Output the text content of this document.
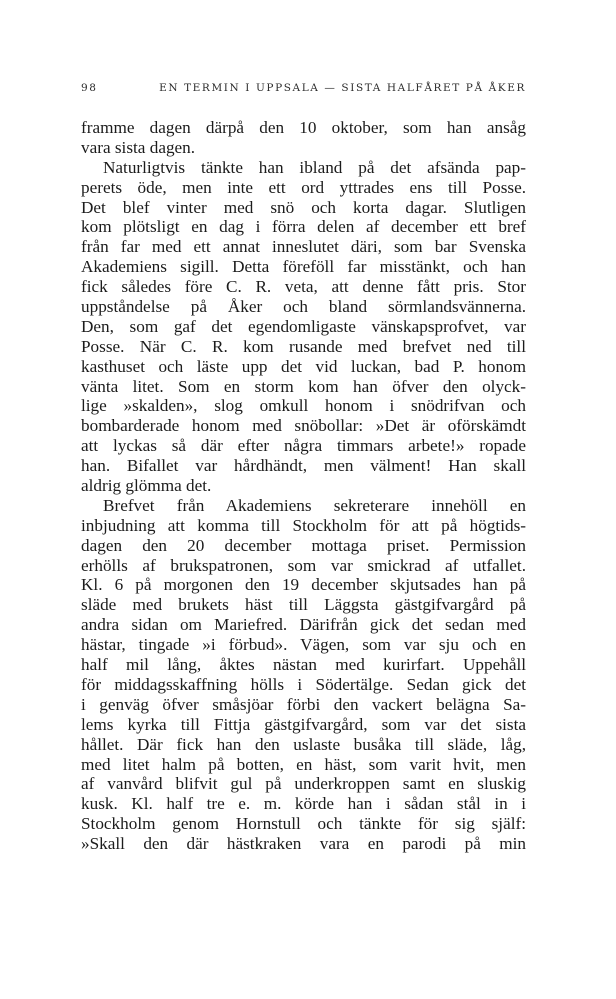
98	EN TERMIN I UPPSALA — SISTA HALFÅRET PÅ ÅKER
framme dagen därpå den 10 oktober, som han ansåg
vara sista dagen.
Naturligtvis tänkte han ibland på det afsända pap-
perets öde, men inte ett ord yttrades ens till Posse.
Det blef vinter med snö och korta dagar. Slutligen
kom plötsligt en dag i förra delen af december ett bref
från far med ett annat inneslutet däri, som bar Svenska
Akademiens sigill. Detta föreföll far misstänkt, och han
fick således före C. R. veta, att denne fått pris. Stor
uppståndelse på Åker och bland sörmlandsvännerna.
Den, som gaf det egendomligaste vänskapsprofvet, var
Posse. När C. R. kom rusande med brefvet ned till
kasthuset och läste upp det vid luckan, bad P. honom
vänta litet. Som en storm kom han öfver den olyck-
lige »skalden», slog omkull honom i snödrifvan och
bombarderade honom med snöbollar: »Det är oförskämdt
att lyckas så där efter några timmars arbete!» ropade
han. Bifallet var hårdhändt, men välment! Han skall
aldrig glömma det.
Brefvet från Akademiens sekreterare innehöll en
inbjudning att komma till Stockholm för att på högtids-
dagen den 20 december mottaga priset. Permission
erhölls af brukspatronen, som var smickrad af utfallet.
Kl. 6 på morgonen den 19 december skjutsades han på
släde med brukets häst till Läggsta gästgifvargård på
andra sidan om Mariefred. Därifrån gick det sedan med
hästar, tingade »i förbud». Vägen, som var sju och en
half mil lång, åktes nästan med kurirfart. Uppehåll
för middagsskaffning hölls i Södertälge. Sedan gick det
i genväg öfver småsjöar förbi den vackert belägna Sa-
lems kyrka till Fittja gästgifvargård, som var det sista
hållet. Där fick han den uslaste busåka till släde, låg,
med litet halm på botten, en häst, som varit hvit, men
af vanvård blifvit gul på underkroppen samt en sluskig
kusk. Kl. half tre e. m. körde han i sådan stål in i
Stockholm genom Hornstull och tänkte för sig själf:
»Skall den där hästkraken vara en parodi på min
